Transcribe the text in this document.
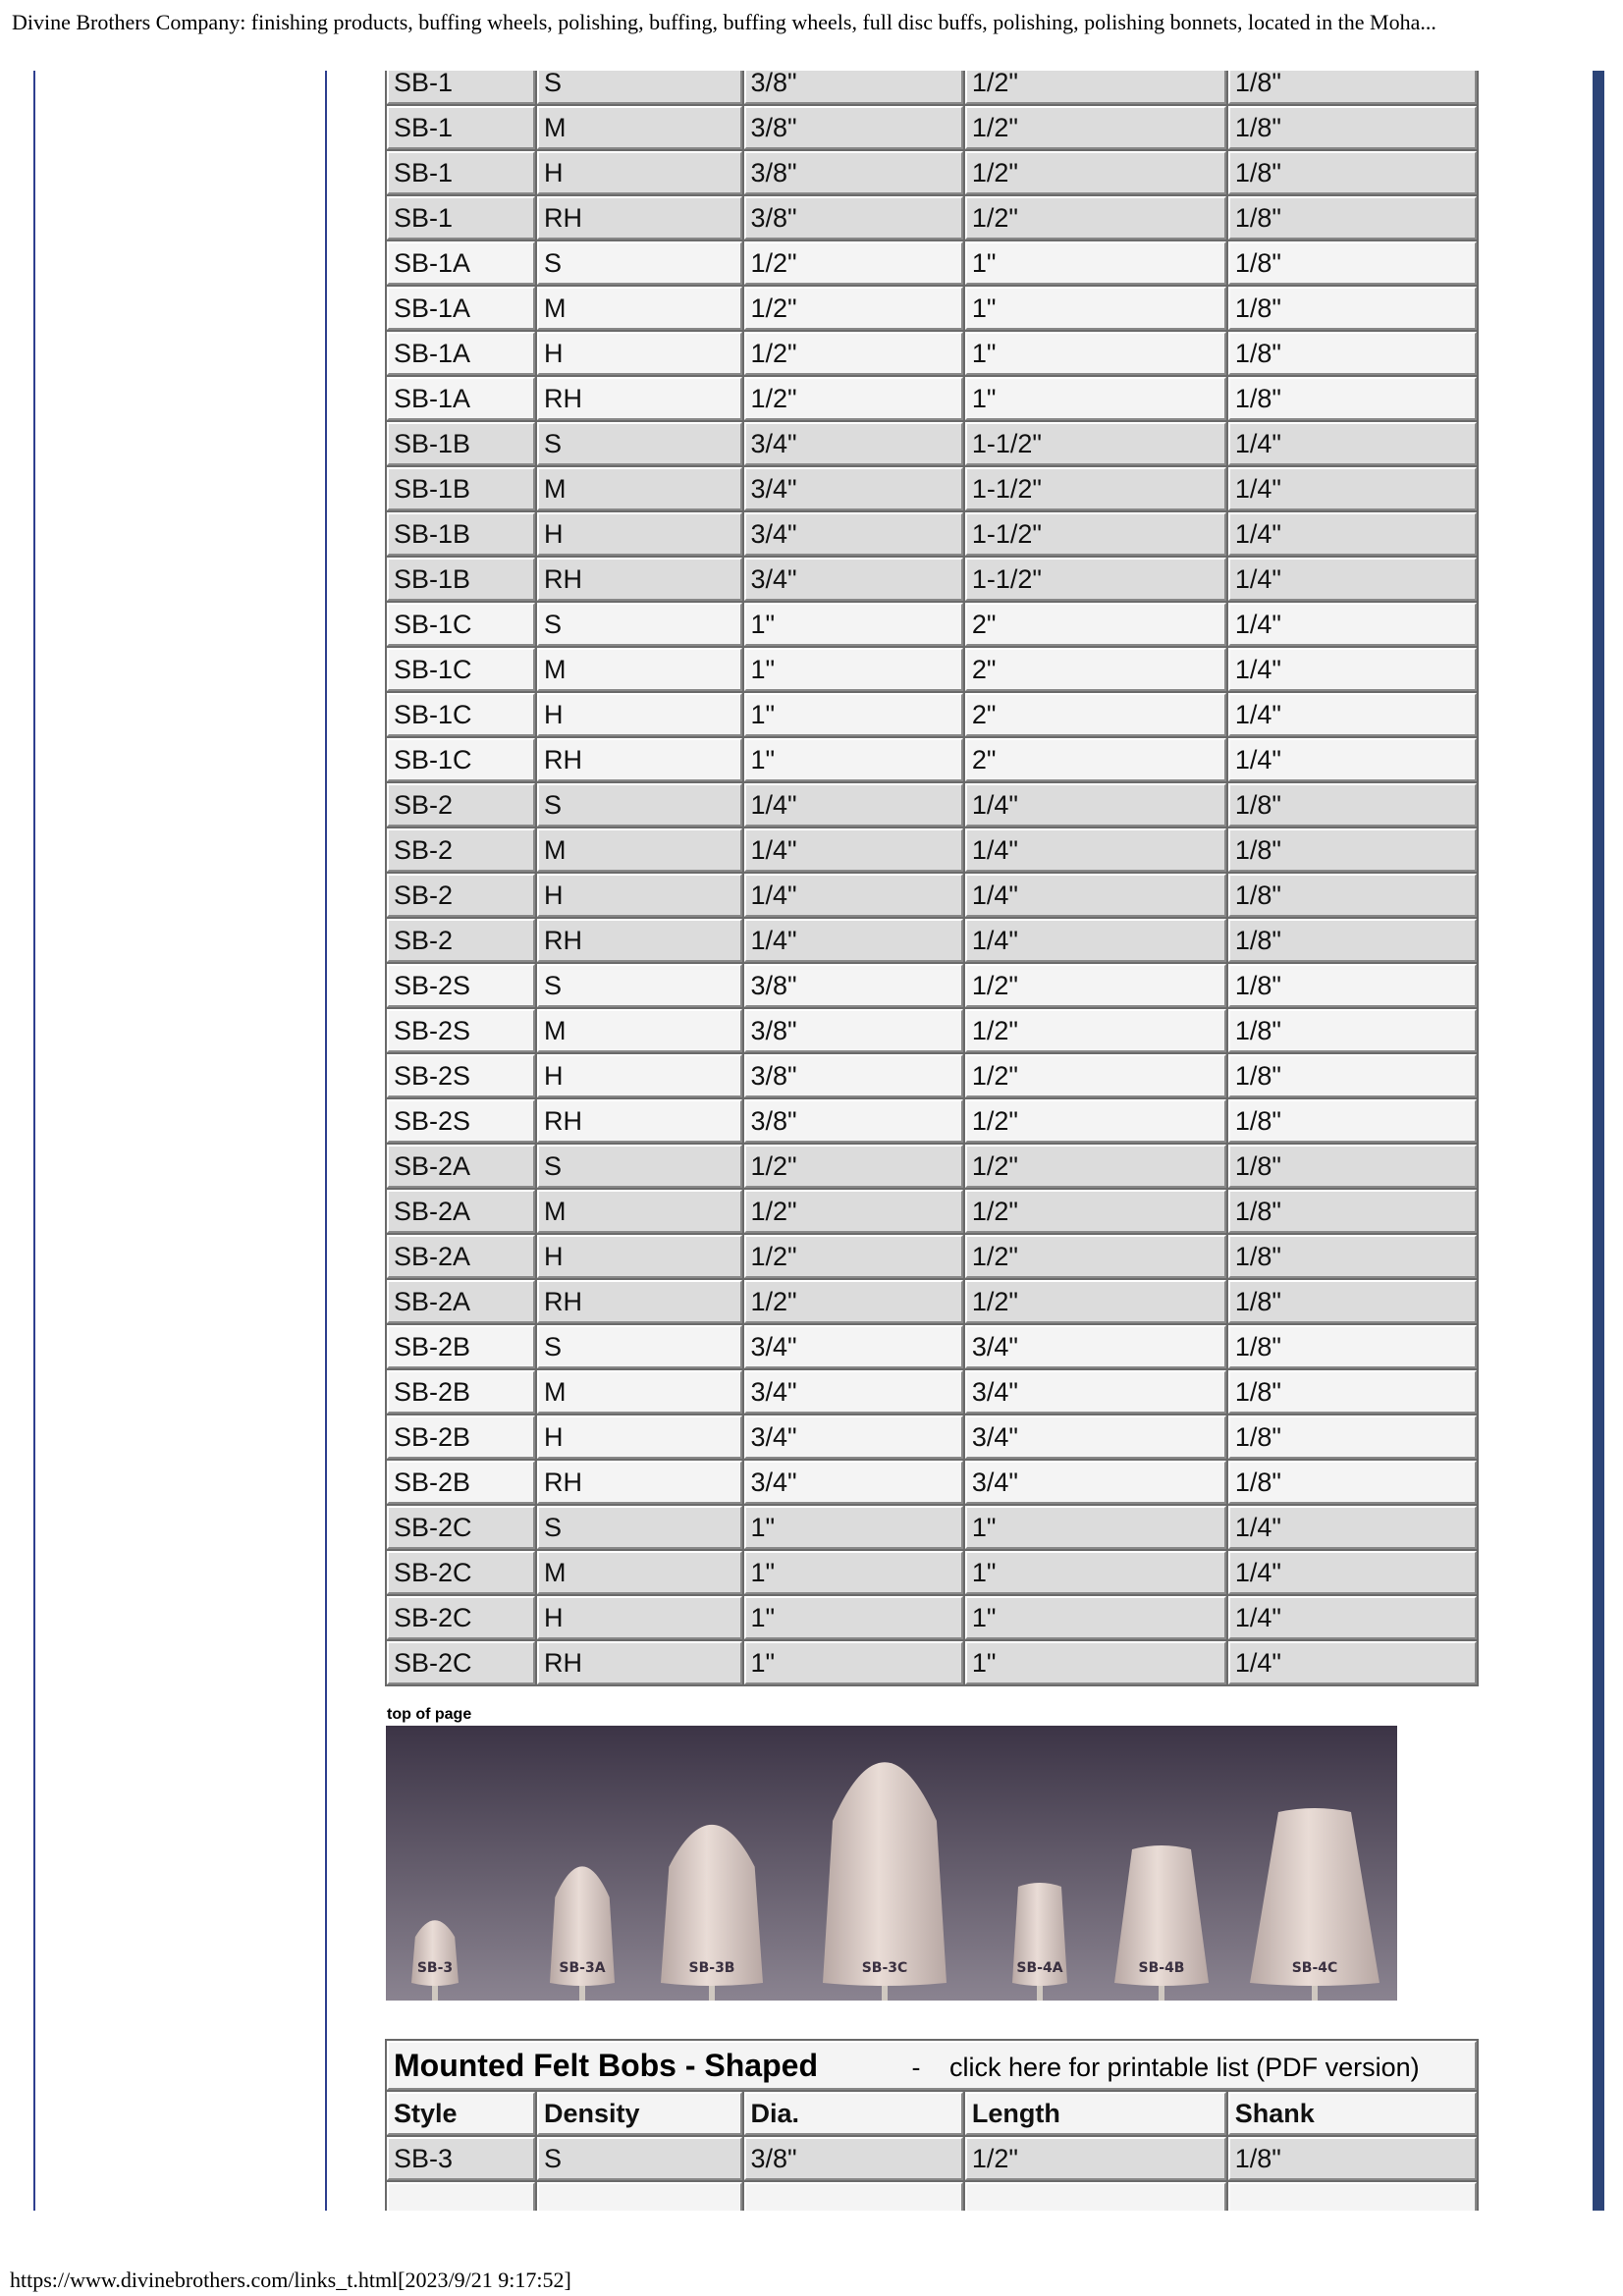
Divine Brothers Company: finishing products, buffing wheels, polishing, buffing, buffing wheels, full disc buffs, polishing, polishing bonnets, located in the Moha...
SB-1	S	3/8"	1/2"	1/8"
SB-1	M	3/8"	1/2"	1/8"
SB-1	H	3/8"	1/2"	1/8"
SB-1	RH	3/8"	1/2"	1/8"
SB-1A	S	1/2"	1"	1/8"
SB-1A	M	1/2"	1"	1/8"
SB-1A	H	1/2"	1"	1/8"
SB-1A	RH	1/2"	1"	1/8"
SB-1B	S	3/4"	1-1/2"	1/4"
SB-1B	M	3/4"	1-1/2"	1/4"
SB-1B	H	3/4"	1-1/2"	1/4"
SB-1B	RH	3/4"	1-1/2"	1/4"
SB-1C	S	1"	2"	1/4"
SB-1C	M	1"	2"	1/4"
SB-1C	H	1"	2"	1/4"
SB-1C	RH	1"	2"	1/4"
SB-2	S	1/4"	1/4"	1/8"
SB-2	M	1/4"	1/4"	1/8"
SB-2	H	1/4"	1/4"	1/8"
SB-2	RH	1/4"	1/4"	1/8"
SB-2S	S	3/8"	1/2"	1/8"
SB-2S	M	3/8"	1/2"	1/8"
SB-2S	H	3/8"	1/2"	1/8"
SB-2S	RH	3/8"	1/2"	1/8"
SB-2A	S	1/2"	1/2"	1/8"
SB-2A	M	1/2"	1/2"	1/8"
SB-2A	H	1/2"	1/2"	1/8"
SB-2A	RH	1/2"	1/2"	1/8"
SB-2B	S	3/4"	3/4"	1/8"
SB-2B	M	3/4"	3/4"	1/8"
SB-2B	H	3/4"	3/4"	1/8"
SB-2B	RH	3/4"	3/4"	1/8"
SB-2C	S	1"	1"	1/4"
SB-2C	M	1"	1"	1/4"
SB-2C	H	1"	1"	1/4"
SB-2C	RH	1"	1"	1/4"
top of page
SB-3	SB-3A	SB-3B	SB-3C	SB-4A	SB-4B	SB-4C
Mounted Felt Bobs - Shaped - click here for printable list (PDF version)				
Style	Density	Dia.	Length	Shank
SB-3	S	3/8"	1/2"	1/8"

https://www.divinebrothers.com/links_t.html[2023/9/21 9:17:52]
